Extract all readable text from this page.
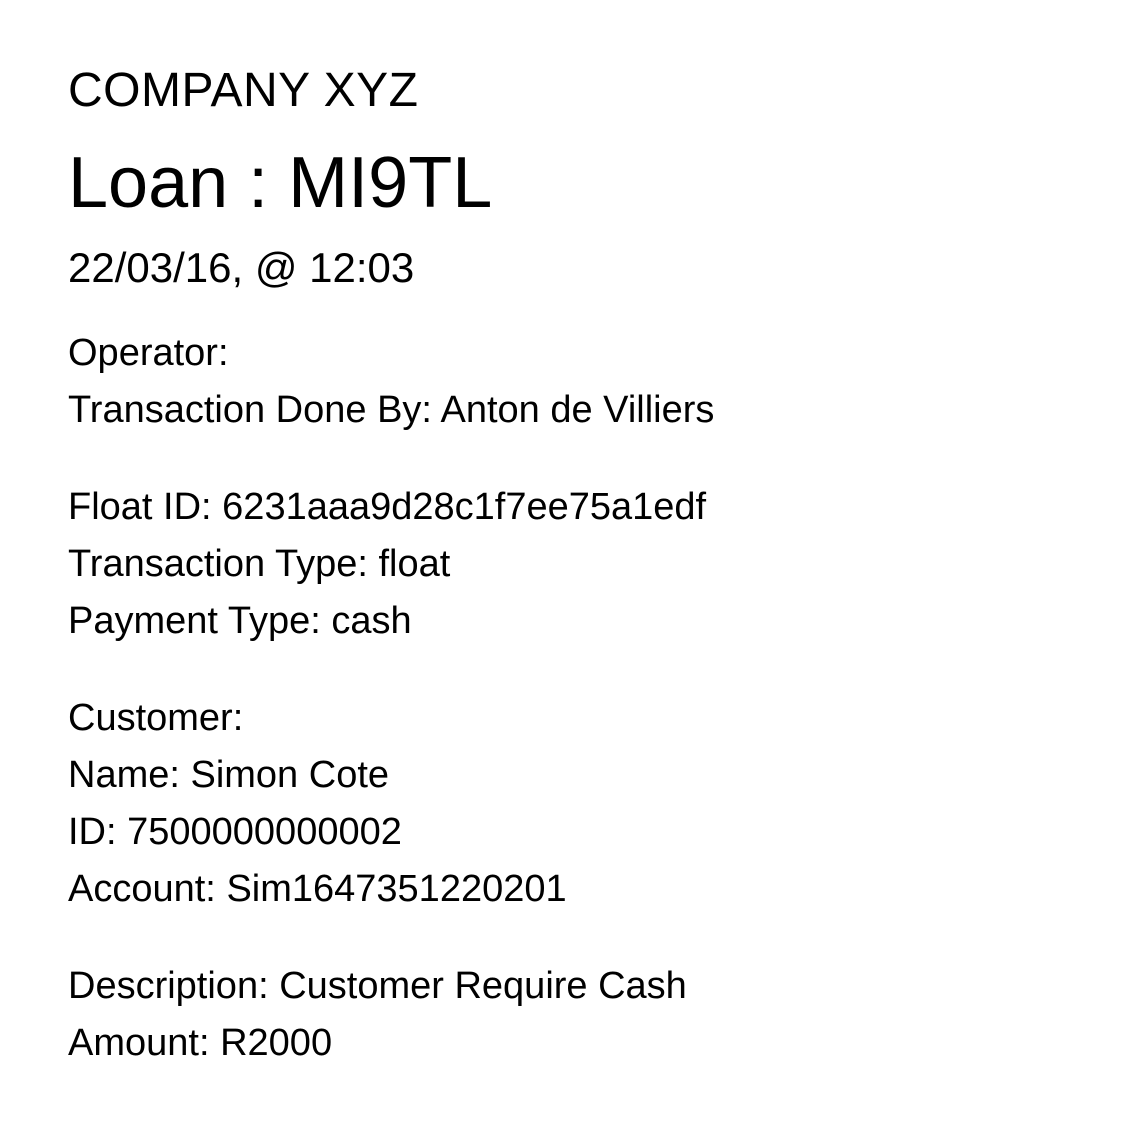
COMPANY XYZ
Loan : MI9TL
22/03/16, @ 12:03
Operator:
Transaction Done By: Anton de Villiers
Float ID: 6231aaa9d28c1f7ee75a1edf
Transaction Type: float
Payment Type: cash
Customer:
Name: Simon Cote
ID: 7500000000002
Account: Sim1647351220201
Description: Customer Require Cash
Amount: R2000
